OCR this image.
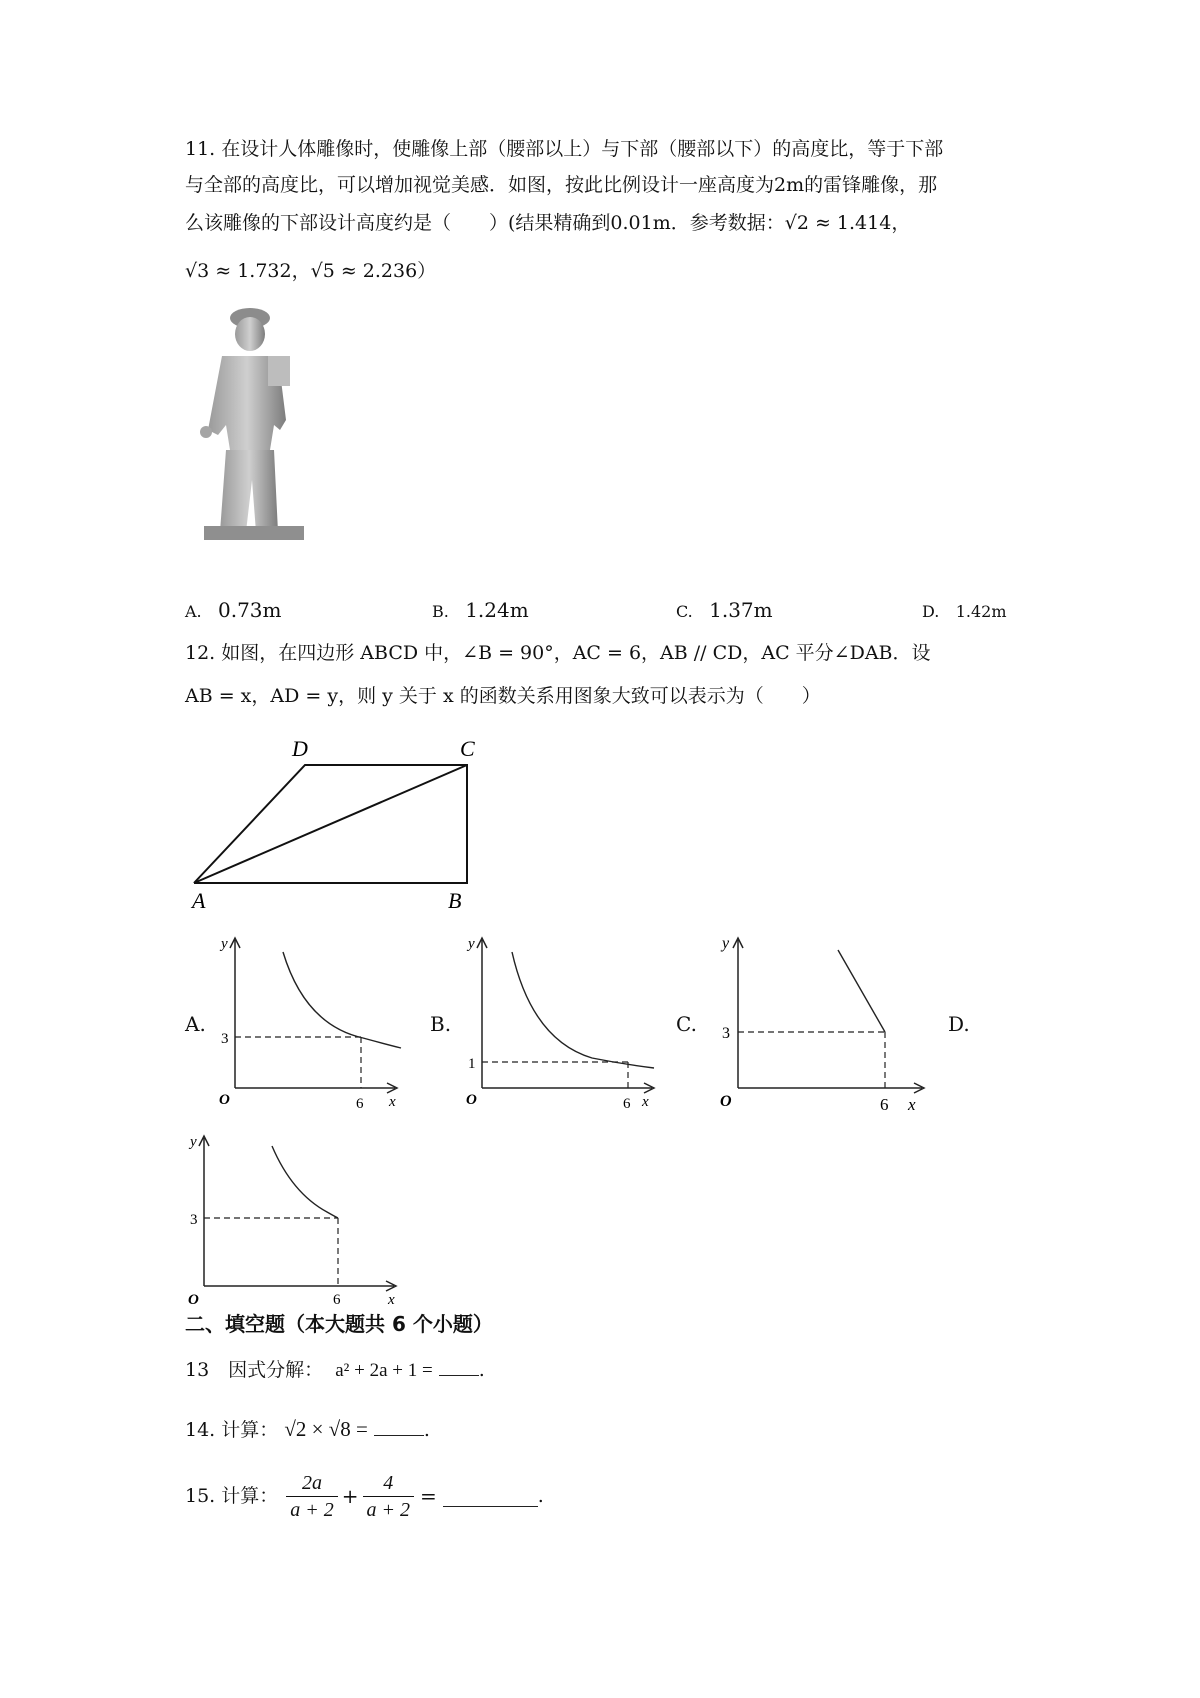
11. 在设计人体雕像时，使雕像上部（腰部以上）与下部（腰部以下）的高度比，等于下部
与全部的高度比，可以增加视觉美感．如图，按此比例设计一座高度为2m的雷锋雕像，那
么该雕像的下部设计高度约是（　　）(结果精确到0.01m．参考数据：√2 ≈ 1.414，
√3 ≈ 1.732，√5 ≈ 2.236）
A. 0.73m	B. 1.24m	C. 1.37m	D. 1.42m
12. 如图，在四边形 ABCD 中，∠B = 90°，AC = 6，AB // CD，AC 平分∠DAB．设
AB = x，AD = y，则 y 关于 x 的函数关系用图象大致可以表示为（　　）
D	C
A	B
A.	B.	C.	D.
y
x
3
6
O
y
x
1
6
O
y
x
3
6
O
y
x
3
6
O
二、填空题（本大题共 6 个小题）
13　因式分解： a² + 2a + 1 = .
14. 计算： √2 × √8 =	.
15. 计算： $\frac{2a}{a + 2} + \frac{4}{a + 2}$ =	.
